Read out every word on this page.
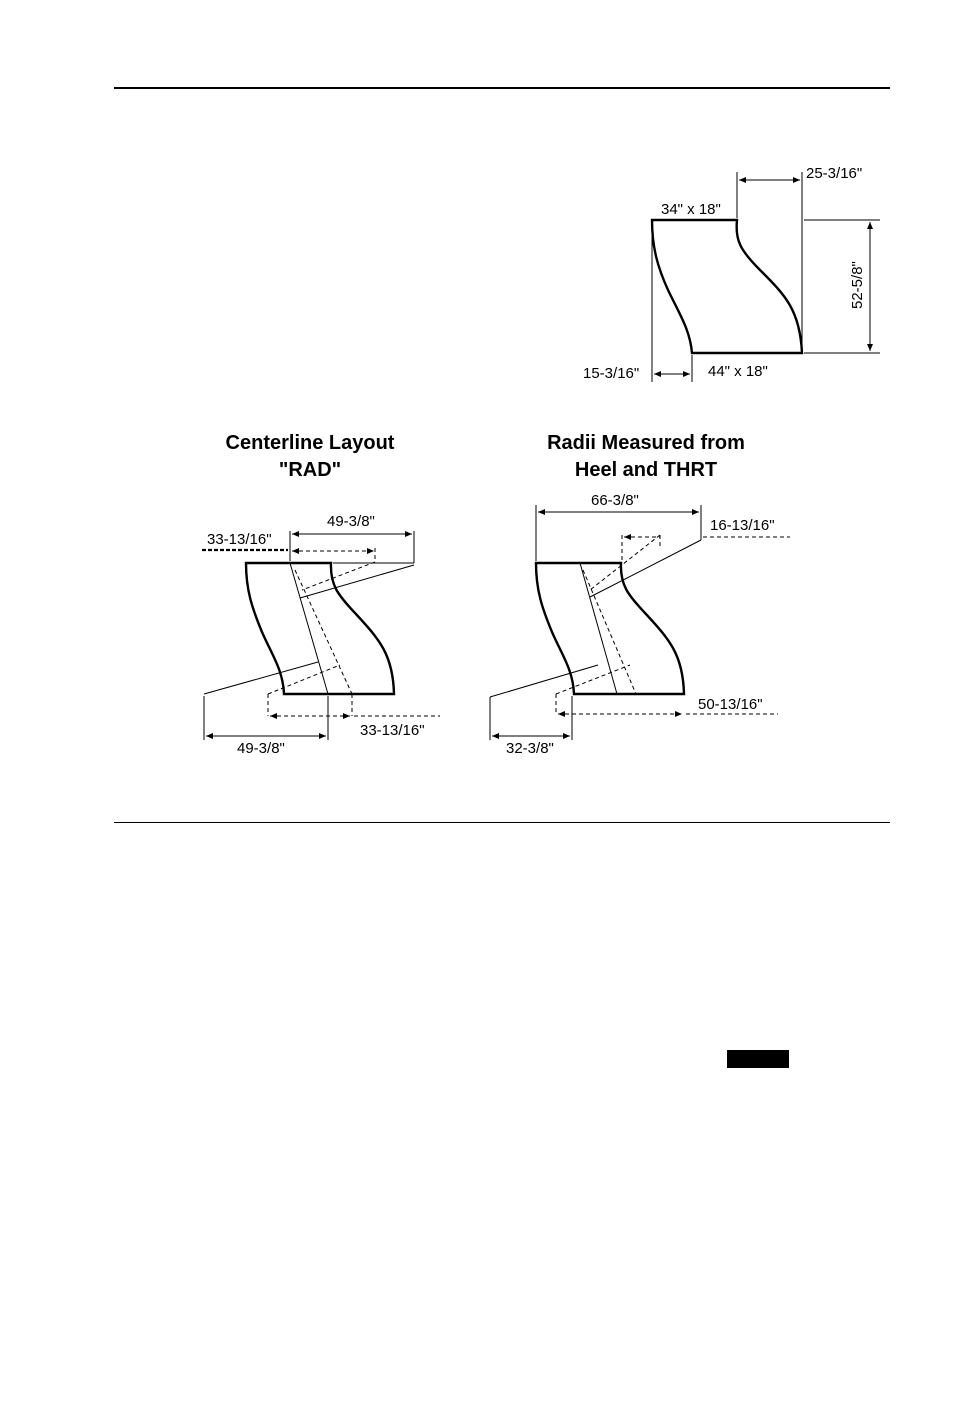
34" x 18"
25-3/16"
52-5/8"
15-3/16"	44" x 18"
Centerline Layout
"RAD"
49-3/8"
33-13/16"
33-13/16"
49-3/8"
Radii Measured from
Heel and THRT
66-3/8"
16-13/16"
50-13/16"
32-3/8"
